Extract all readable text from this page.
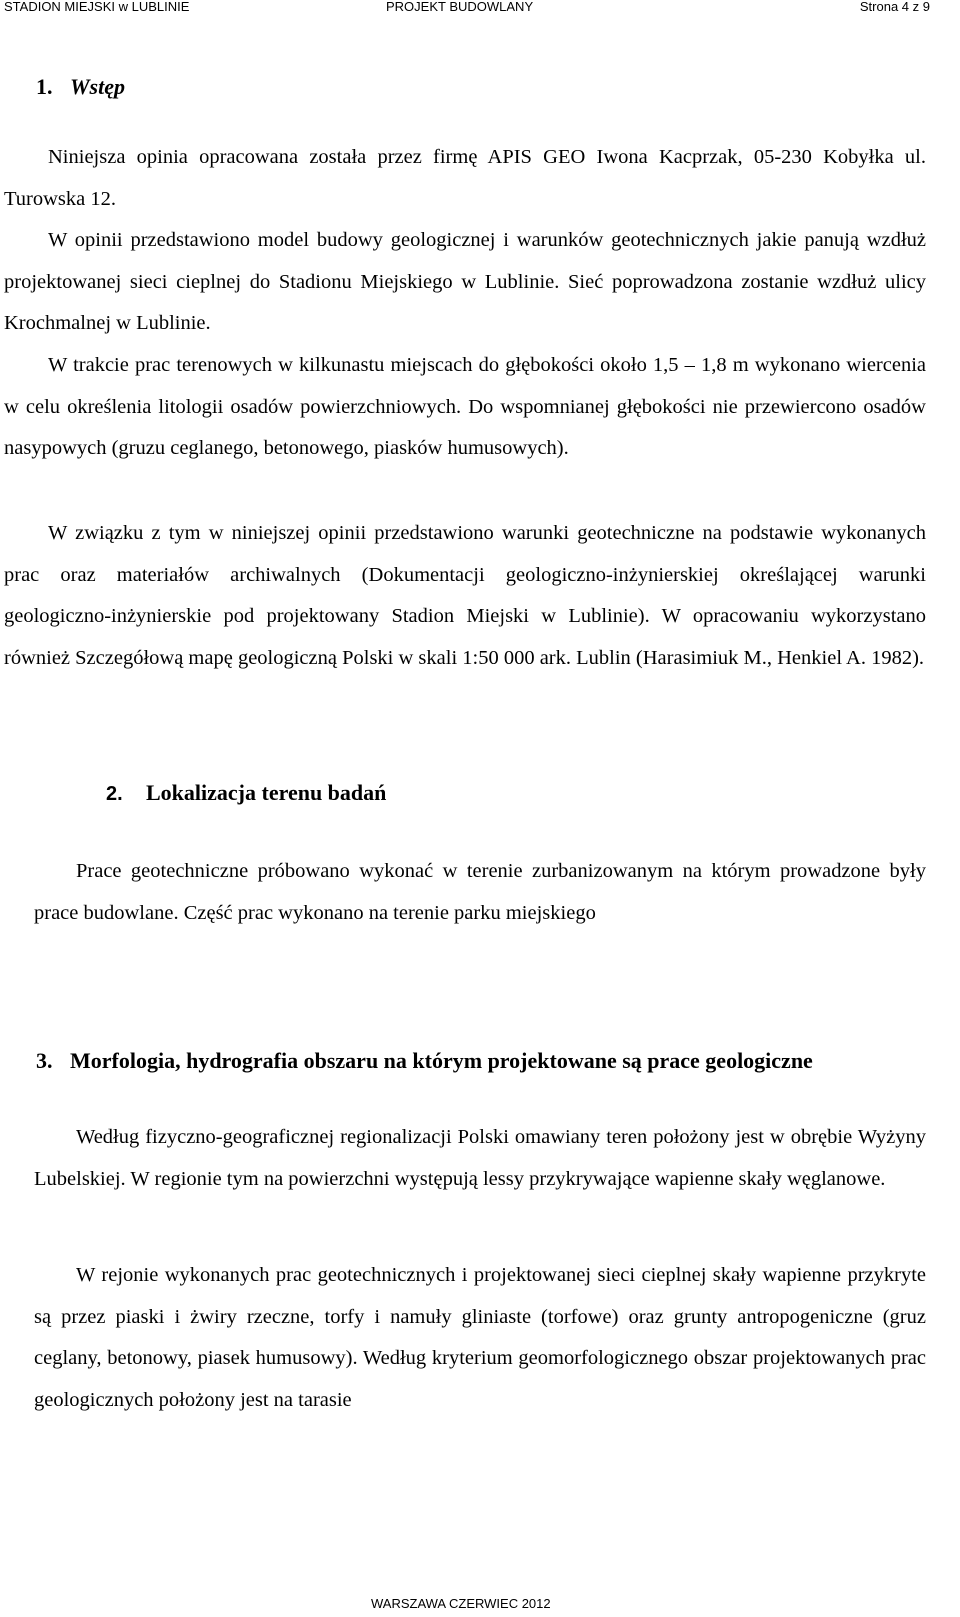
STADION MIEJSKI w LUBLINIE	PROJEKT BUDOWLANY	Strona 4 z 9
1. Wstęp

Niniejsza opinia opracowana została przez firmę APIS GEO Iwona Kacprzak, 05-230 Kobyłka ul. Turowska 12.

W opinii przedstawiono model budowy geologicznej i warunków geotechnicznych jakie panują wzdłuż projektowanej sieci cieplnej do Stadionu Miejskiego w Lublinie. Sieć poprowadzona zostanie wzdłuż ulicy Krochmalnej w Lublinie.

W trakcie prac terenowych w kilkunastu miejscach do głębokości około 1,5 – 1,8 m wykonano wiercenia w celu określenia litologii osadów powierzchniowych. Do wspomnianej głębokości nie przewiercono osadów nasypowych (gruzu ceglanego, betonowego, piasków humusowych).

W związku z tym w niniejszej opinii przedstawiono warunki geotechniczne na podstawie wykonanych prac oraz materiałów archiwalnych (Dokumentacji geologiczno-inżynierskiej określającej warunki geologiczno-inżynierskie pod projektowany Stadion Miejski w Lublinie). W opracowaniu wykorzystano również Szczegółową mapę geologiczną Polski w skali 1:50 000 ark. Lublin (Harasimiuk M., Henkiel A. 1982).

2. Lokalizacja terenu badań

Prace geotechniczne próbowano wykonać w terenie zurbanizowanym na którym prowadzone były prace budowlane. Część prac wykonano na terenie parku miejskiego

3. Morfologia, hydrografia obszaru na którym projektowane są prace geologiczne

Według fizyczno-geograficznej regionalizacji Polski omawiany teren położony jest w obrębie Wyżyny Lubelskiej. W regionie tym na powierzchni występują lessy przykrywające wapienne skały węglanowe.

W rejonie wykonanych prac geotechnicznych i projektowanej sieci cieplnej skały wapienne przykryte są przez piaski i żwiry rzeczne, torfy i namuły gliniaste (torfowe) oraz grunty antropogeniczne (gruz ceglany, betonowy, piasek humusowy). Według kryterium geomorfologicznego obszar projektowanych prac geologicznych położony jest na tarasie

WARSZAWA CZERWIEC 2012
